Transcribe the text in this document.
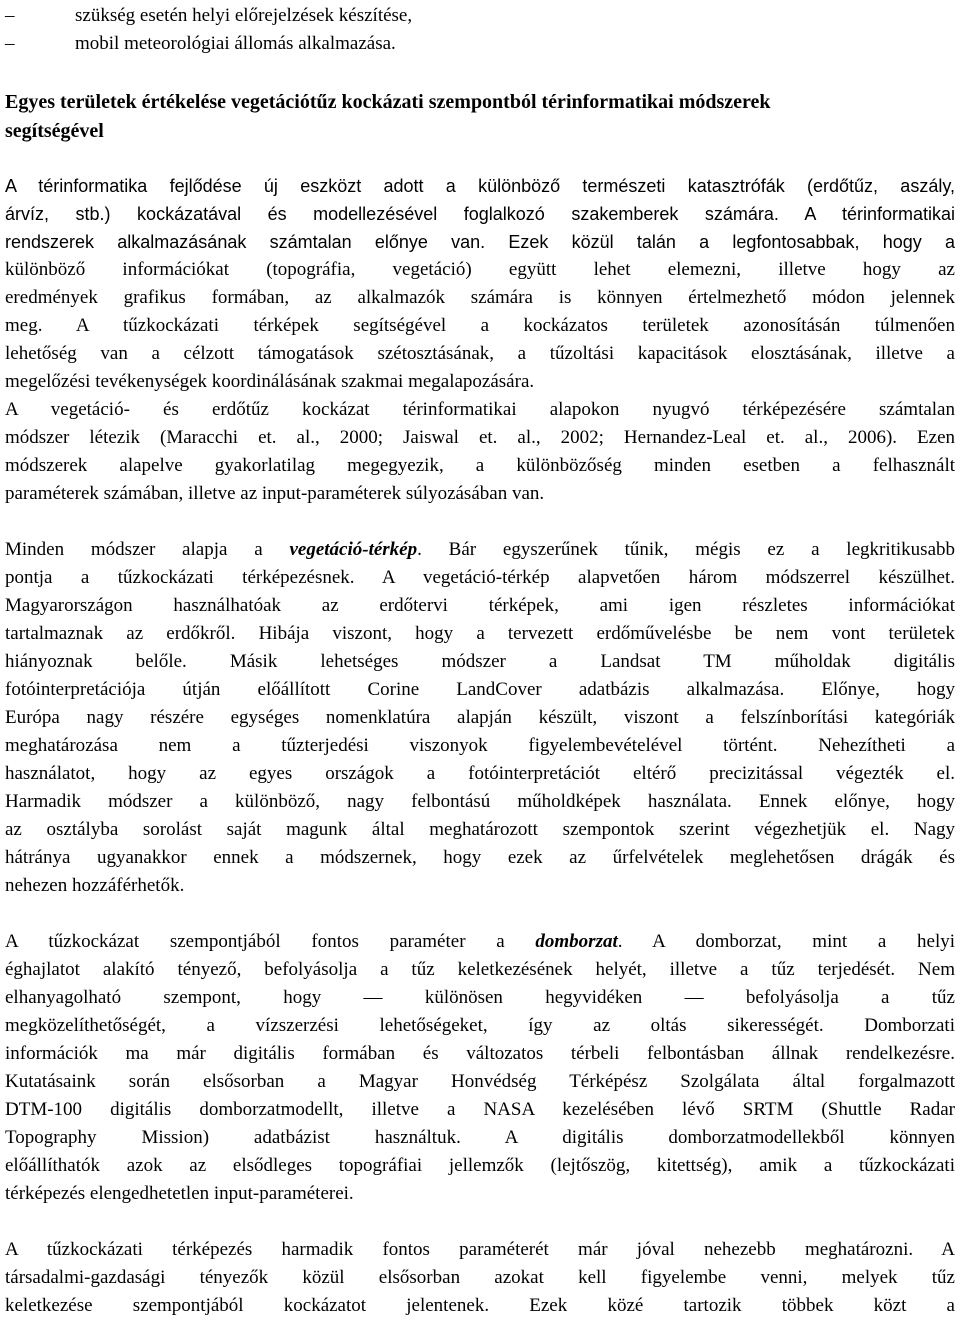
–	szükség esetén helyi előrejelzések készítése,
–	mobil meteorológiai állomás alkalmazása.
Egyes területek értékelése vegetációtűz kockázati szempontból térinformatikai módszerek
segítségével
A térinformatika fejlődése új eszközt adott a különböző természeti katasztrófák (erdőtűz, aszály,
árvíz, stb.) kockázatával és modellezésével foglalkozó szakemberek számára. A térinformatikai
rendszerek alkalmazásának számtalan előnye van. Ezek közül talán a legfontosabbak, hogy a
különböző információkat (topográfia, vegetáció) együtt lehet elemezni, illetve hogy az
eredmények grafikus formában, az alkalmazók számára is könnyen értelmezhető módon jelennek
meg. A tűzkockázati térképek segítségével a kockázatos területek azonosításán túlmenően
lehetőség van a célzott támogatások szétosztásának, a tűzoltási kapacitások elosztásának, illetve a
megelőzési tevékenységek koordinálásának szakmai megalapozására.
A vegetáció- és erdőtűz kockázat térinformatikai alapokon nyugvó térképezésére számtalan
módszer létezik (Maracchi et. al., 2000; Jaiswal et. al., 2002; Hernandez-Leal et. al., 2006). Ezen
módszerek alapelve gyakorlatilag megegyezik, a különbözőség minden esetben a felhasznált
paraméterek számában, illetve az input-paraméterek súlyozásában van.
Minden módszer alapja a vegetáció-térkép. Bár egyszerűnek tűnik, mégis ez a legkritikusabb
pontja a tűzkockázati térképezésnek. A vegetáció-térkép alapvetően három módszerrel készülhet.
Magyarországon használhatóak az erdőtervi térképek, ami igen részletes információkat
tartalmaznak az erdőkről. Hibája viszont, hogy a tervezett erdőművelésbe be nem vont területek
hiányoznak belőle. Másik lehetséges módszer a Landsat TM műholdak digitális
fotóinterpretációja útján előállított Corine LandCover adatbázis alkalmazása. Előnye, hogy
Európa nagy részére egységes nomenklatúra alapján készült, viszont a felszínborítási kategóriák
meghatározása nem a tűzterjedési viszonyok figyelembevételével történt. Nehezítheti a
használatot, hogy az egyes országok a fotóinterpretációt eltérő precizitással végezték el.
Harmadik módszer a különböző, nagy felbontású műholdképek használata. Ennek előnye, hogy
az osztályba sorolást saját magunk által meghatározott szempontok szerint végezhetjük el. Nagy
hátránya ugyanakkor ennek a módszernek, hogy ezek az űrfelvételek meglehetősen drágák és
nehezen hozzáférhetők.
A tűzkockázat szempontjából fontos paraméter a domborzat. A domborzat, mint a helyi
éghajlatot alakító tényező, befolyásolja a tűz keletkezésének helyét, illetve a tűz terjedését. Nem
elhanyagolható szempont, hogy — különösen hegyvidéken — befolyásolja a tűz
megközelíthetőségét, a vízszerzési lehetőségeket, így az oltás sikerességét. Domborzati
információk ma már digitális formában és változatos térbeli felbontásban állnak rendelkezésre.
Kutatásaink során elsősorban a Magyar Honvédség Térképész Szolgálata által forgalmazott
DTM-100 digitális domborzatmodellt, illetve a NASA kezelésében lévő SRTM (Shuttle Radar
Topography Mission) adatbázist használtuk. A digitális domborzatmodellekből könnyen
előállíthatók azok az elsődleges topográfiai jellemzők (lejtőszög, kitettség), amik a tűzkockázati
térképezés elengedhetetlen input-paraméterei.
A tűzkockázati térképezés harmadik fontos paraméterét már jóval nehezebb meghatározni. A
társadalmi-gazdasági tényezők közül elsősorban azokat kell figyelembe venni, melyek tűz
keletkezése szempontjából kockázatot jelentenek. Ezek közé tartozik többek közt a
